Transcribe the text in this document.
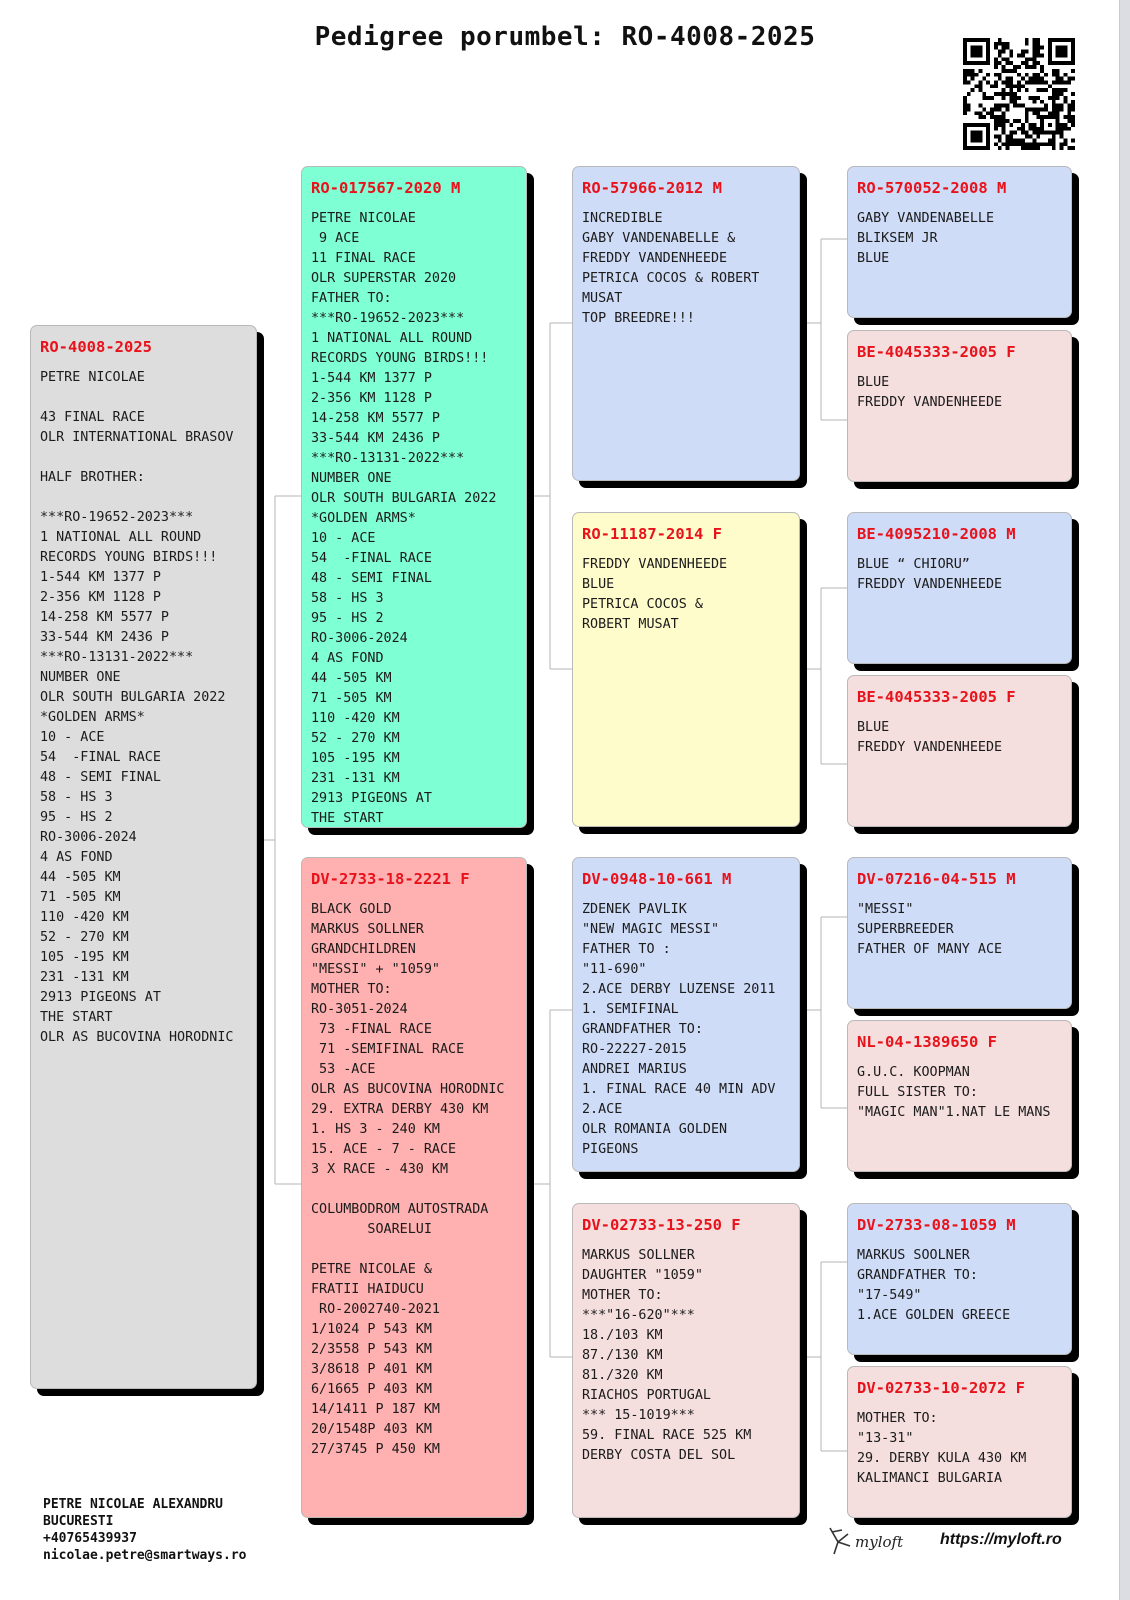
Pedigree porumbel: RO-4008-2025
RO-4008-2025
PETRE NICOLAE

43 FINAL RACE
OLR INTERNATIONAL BRASOV

HALF BROTHER:

***RO-19652-2023***
1 NATIONAL ALL ROUND
RECORDS YOUNG BIRDS!!!
1-544 KM 1377 P
2-356 KM 1128 P
14-258 KM 5577 P
33-544 KM 2436 P
***RO-13131-2022***
NUMBER ONE
OLR SOUTH BULGARIA 2022
*GOLDEN ARMS*
10 - ACE
54  -FINAL RACE
48 - SEMI FINAL
58 - HS 3
95 - HS 2
RO-3006-2024
4 AS FOND
44 -505 KM
71 -505 KM
110 -420 KM
52 - 270 KM
105 -195 KM
231 -131 KM
2913 PIGEONS AT
THE START
OLR AS BUCOVINA HORODNIC
RO-017567-2020 M
PETRE NICOLAE
9 ACE
11 FINAL RACE
OLR SUPERSTAR 2020
FATHER TO:
***RO-19652-2023***
1 NATIONAL ALL ROUND
RECORDS YOUNG BIRDS!!!
1-544 KM 1377 P
2-356 KM 1128 P
14-258 KM 5577 P
33-544 KM 2436 P
***RO-13131-2022***
NUMBER ONE
OLR SOUTH BULGARIA 2022
*GOLDEN ARMS*
10 - ACE
54  -FINAL RACE
48 - SEMI FINAL
58 - HS 3
95 - HS 2
RO-3006-2024
4 AS FOND
44 -505 KM
71 -505 KM
110 -420 KM
52 - 270 KM
105 -195 KM
231 -131 KM
2913 PIGEONS AT
THE START
DV-2733-18-2221 F
BLACK GOLD
MARKUS SOLLNER
GRANDCHILDREN
"MESSI" + "1059"
MOTHER TO:
RO-3051-2024
73 -FINAL RACE
71 -SEMIFINAL RACE
53 -ACE
OLR AS BUCOVINA HORODNIC
29. EXTRA DERBY 430 KM
1. HS 3 - 240 KM
15. ACE - 7 - RACE
3 X RACE - 430 KM

COLUMBODROM AUTOSTRADA
SOARELUI

PETRE NICOLAE &
FRATII HAIDUCU
RO-2002740-2021
1/1024 P 543 KM
2/3558 P 543 KM
3/8618 P 401 KM
6/1665 P 403 KM
14/1411 P 187 KM
20/1548P 403 KM
27/3745 P 450 KM
RO-57966-2012 M
INCREDIBLE
GABY VANDENABELLE &
FREDDY VANDENHEEDE
PETRICA COCOS & ROBERT
MUSAT
TOP BREEDRE!!!
RO-11187-2014 F
FREDDY VANDENHEEDE
BLUE
PETRICA COCOS &
ROBERT MUSAT
DV-0948-10-661 M
ZDENEK PAVLIK
"NEW MAGIC MESSI"
FATHER TO :
"11-690"
2.ACE DERBY LUZENSE 2011
1. SEMIFINAL
GRANDFATHER TO:
RO-22227-2015
ANDREI MARIUS
1. FINAL RACE 40 MIN ADV
2.ACE
OLR ROMANIA GOLDEN
PIGEONS
DV-02733-13-250 F
MARKUS SOLLNER
DAUGHTER "1059"
MOTHER TO:
***"16-620"***
18./103 KM
87./130 KM
81./320 KM
RIACHOS PORTUGAL
*** 15-1019***
59. FINAL RACE 525 KM
DERBY COSTA DEL SOL
RO-570052-2008 M
GABY VANDENABELLE
BLIKSEM JR
BLUE
BE-4045333-2005 F
BLUE
FREDDY VANDENHEEDE
BE-4095210-2008 M
BLUE “ CHIORU”
FREDDY VANDENHEEDE
BE-4045333-2005 F
BLUE
FREDDY VANDENHEEDE
DV-07216-04-515 M
"MESSI"
SUPERBREEDER
FATHER OF MANY ACE
NL-04-1389650 F
G.U.C. KOOPMAN
FULL SISTER TO:
"MAGIC MAN"1.NAT LE MANS
DV-2733-08-1059 M
MARKUS SOOLNER
GRANDFATHER TO:
"17-549"
1.ACE GOLDEN GREECE
DV-02733-10-2072 F
MOTHER TO:
"13-31"
29. DERBY KULA 430 KM
KALIMANCI BULGARIA
PETRE NICOLAE ALEXANDRU
BUCURESTI
+40765439937
nicolae.petre@smartways.ro
myloft https://myloft.ro
